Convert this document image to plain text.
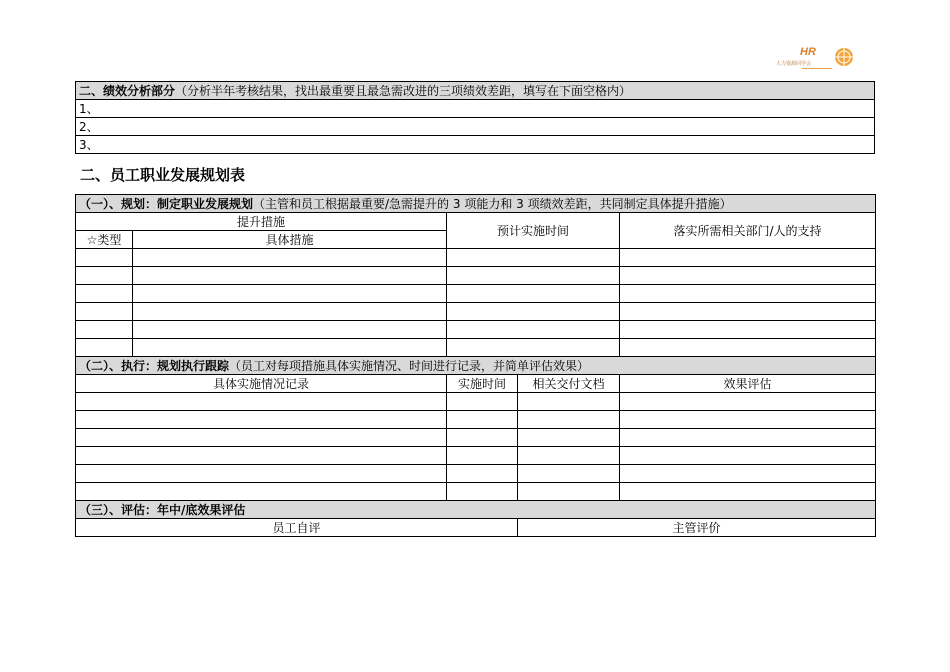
HR
人力资源同学会
二、绩效分析部分（分析半年考核结果，找出最重要且最急需改进的三项绩效差距，填写在下面空格内）
1、
2、
3、
二、员工职业发展规划表
（一）、规划：制定职业发展规划（主管和员工根据最重要/急需提升的 3 项能力和 3 项绩效差距，共同制定具体提升措施）				
提升措施		预计实施时间		落实所需相关部门/人的支持
☆类型	具体措施			

（二）、执行：规划执行跟踪（员工对每项措施具体实施情况、时间进行记录，并简单评估效果）				
具体实施情况记录		实施时间	相关交付文档	效果评估

（三）、评估：年中/底效果评估				
员工自评			主管评价	
